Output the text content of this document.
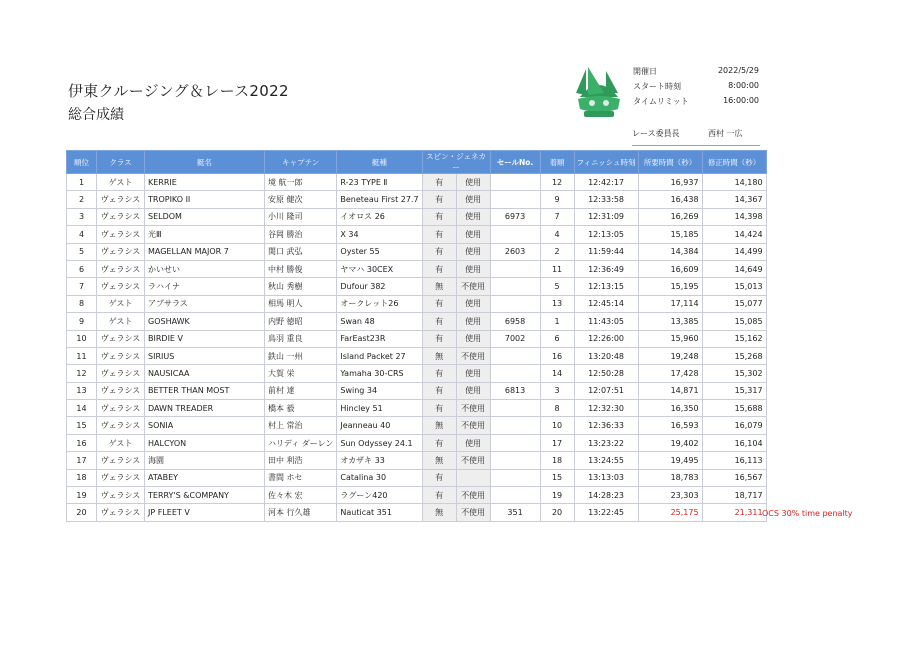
伊東クルージング＆レース2022
総合成績
開催日	2022/5/29
スタート時刻	8:00:00
タイムリミット	16:00:00
レース委員長	西村 一広
順位	クラス	艇名	キャプテン	艇種	スピン・ジェネカー		セールNo.	着順	フィニッシュ時刻	所要時間（秒）	修正時間（秒）
1	ゲスト	KERRIE	境 航一郎	R-23 TYPE Ⅱ	有	使用		12	12:42:17	16,937	14,180
2	ヴェラシス	TROPIKO II	安原 健次	Beneteau First 27.7	有	使用		9	12:33:58	16,438	14,367
3	ヴェラシス	SELDOM	小川 隆司	イオロス 26	有	使用	6973	7	12:31:09	16,269	14,398
4	ヴェラシス	光Ⅲ	谷岡 勝治	X 34	有	使用		4	12:13:05	15,185	14,424
5	ヴェラシス	MAGELLAN MAJOR 7	関口 武弘	Oyster 55	有	使用	2603	2	11:59:44	14,384	14,499
6	ヴェラシス	かいせい	中村 勝俊	ヤマハ 30CEX	有	使用		11	12:36:49	16,609	14,649
7	ヴェラシス	ラハイナ	秋山 秀樹	Dufour 382	無	不使用		5	12:13:15	15,195	15,013
8	ゲスト	アプサラス	相馬 明人	オークレット26	有	使用		13	12:45:14	17,114	15,077
9	ゲスト	GOSHAWK	内野 徳昭	Swan 48	有	使用	6958	1	11:43:05	13,385	15,085
10	ヴェラシス	BIRDIE V	鳥羽 重良	FarEast23R	有	使用	7002	6	12:26:00	15,960	15,162
11	ヴェラシス	SIRIUS	鉄山 一州	Island Packet 27	無	不使用		16	13:20:48	19,248	15,268
12	ヴェラシス	NAUSICAA	大賀 栄	Yamaha 30-CRS	有	使用		14	12:50:28	17,428	15,302
13	ヴェラシス	BETTER THAN MOST	前村 達	Swing 34	有	使用	6813	3	12:07:51	14,871	15,317
14	ヴェラシス	DAWN TREADER	橋本 毅	Hincley 51	有	不使用		8	12:32:30	16,350	15,688
15	ヴェラシス	SONIA	村上 常治	Jeanneau 40	無	不使用		10	12:36:33	16,593	16,079
16	ゲスト	HALCYON	ハリディ ダーレン	Sun Odyssey 24.1	有	使用		17	13:23:22	19,402	16,104
17	ヴェラシス	海園	田中 利浩	オカザキ 33	無	不使用		18	13:24:55	19,495	16,113
18	ヴェラシス	ATABEY	書間 ホセ	Catalina 30	有			15	13:13:03	18,783	16,567
19	ヴェラシス	TERRY'S &COMPANY	佐々木 宏	ラグーン420	有	不使用		19	14:28:23	23,303	18,717
20	ヴェラシス	JP FLEET V	河本 行久雄	Nauticat 351	無	不使用	351	20	13:22:45	25,175	21,311 OCS 30% time penalty
